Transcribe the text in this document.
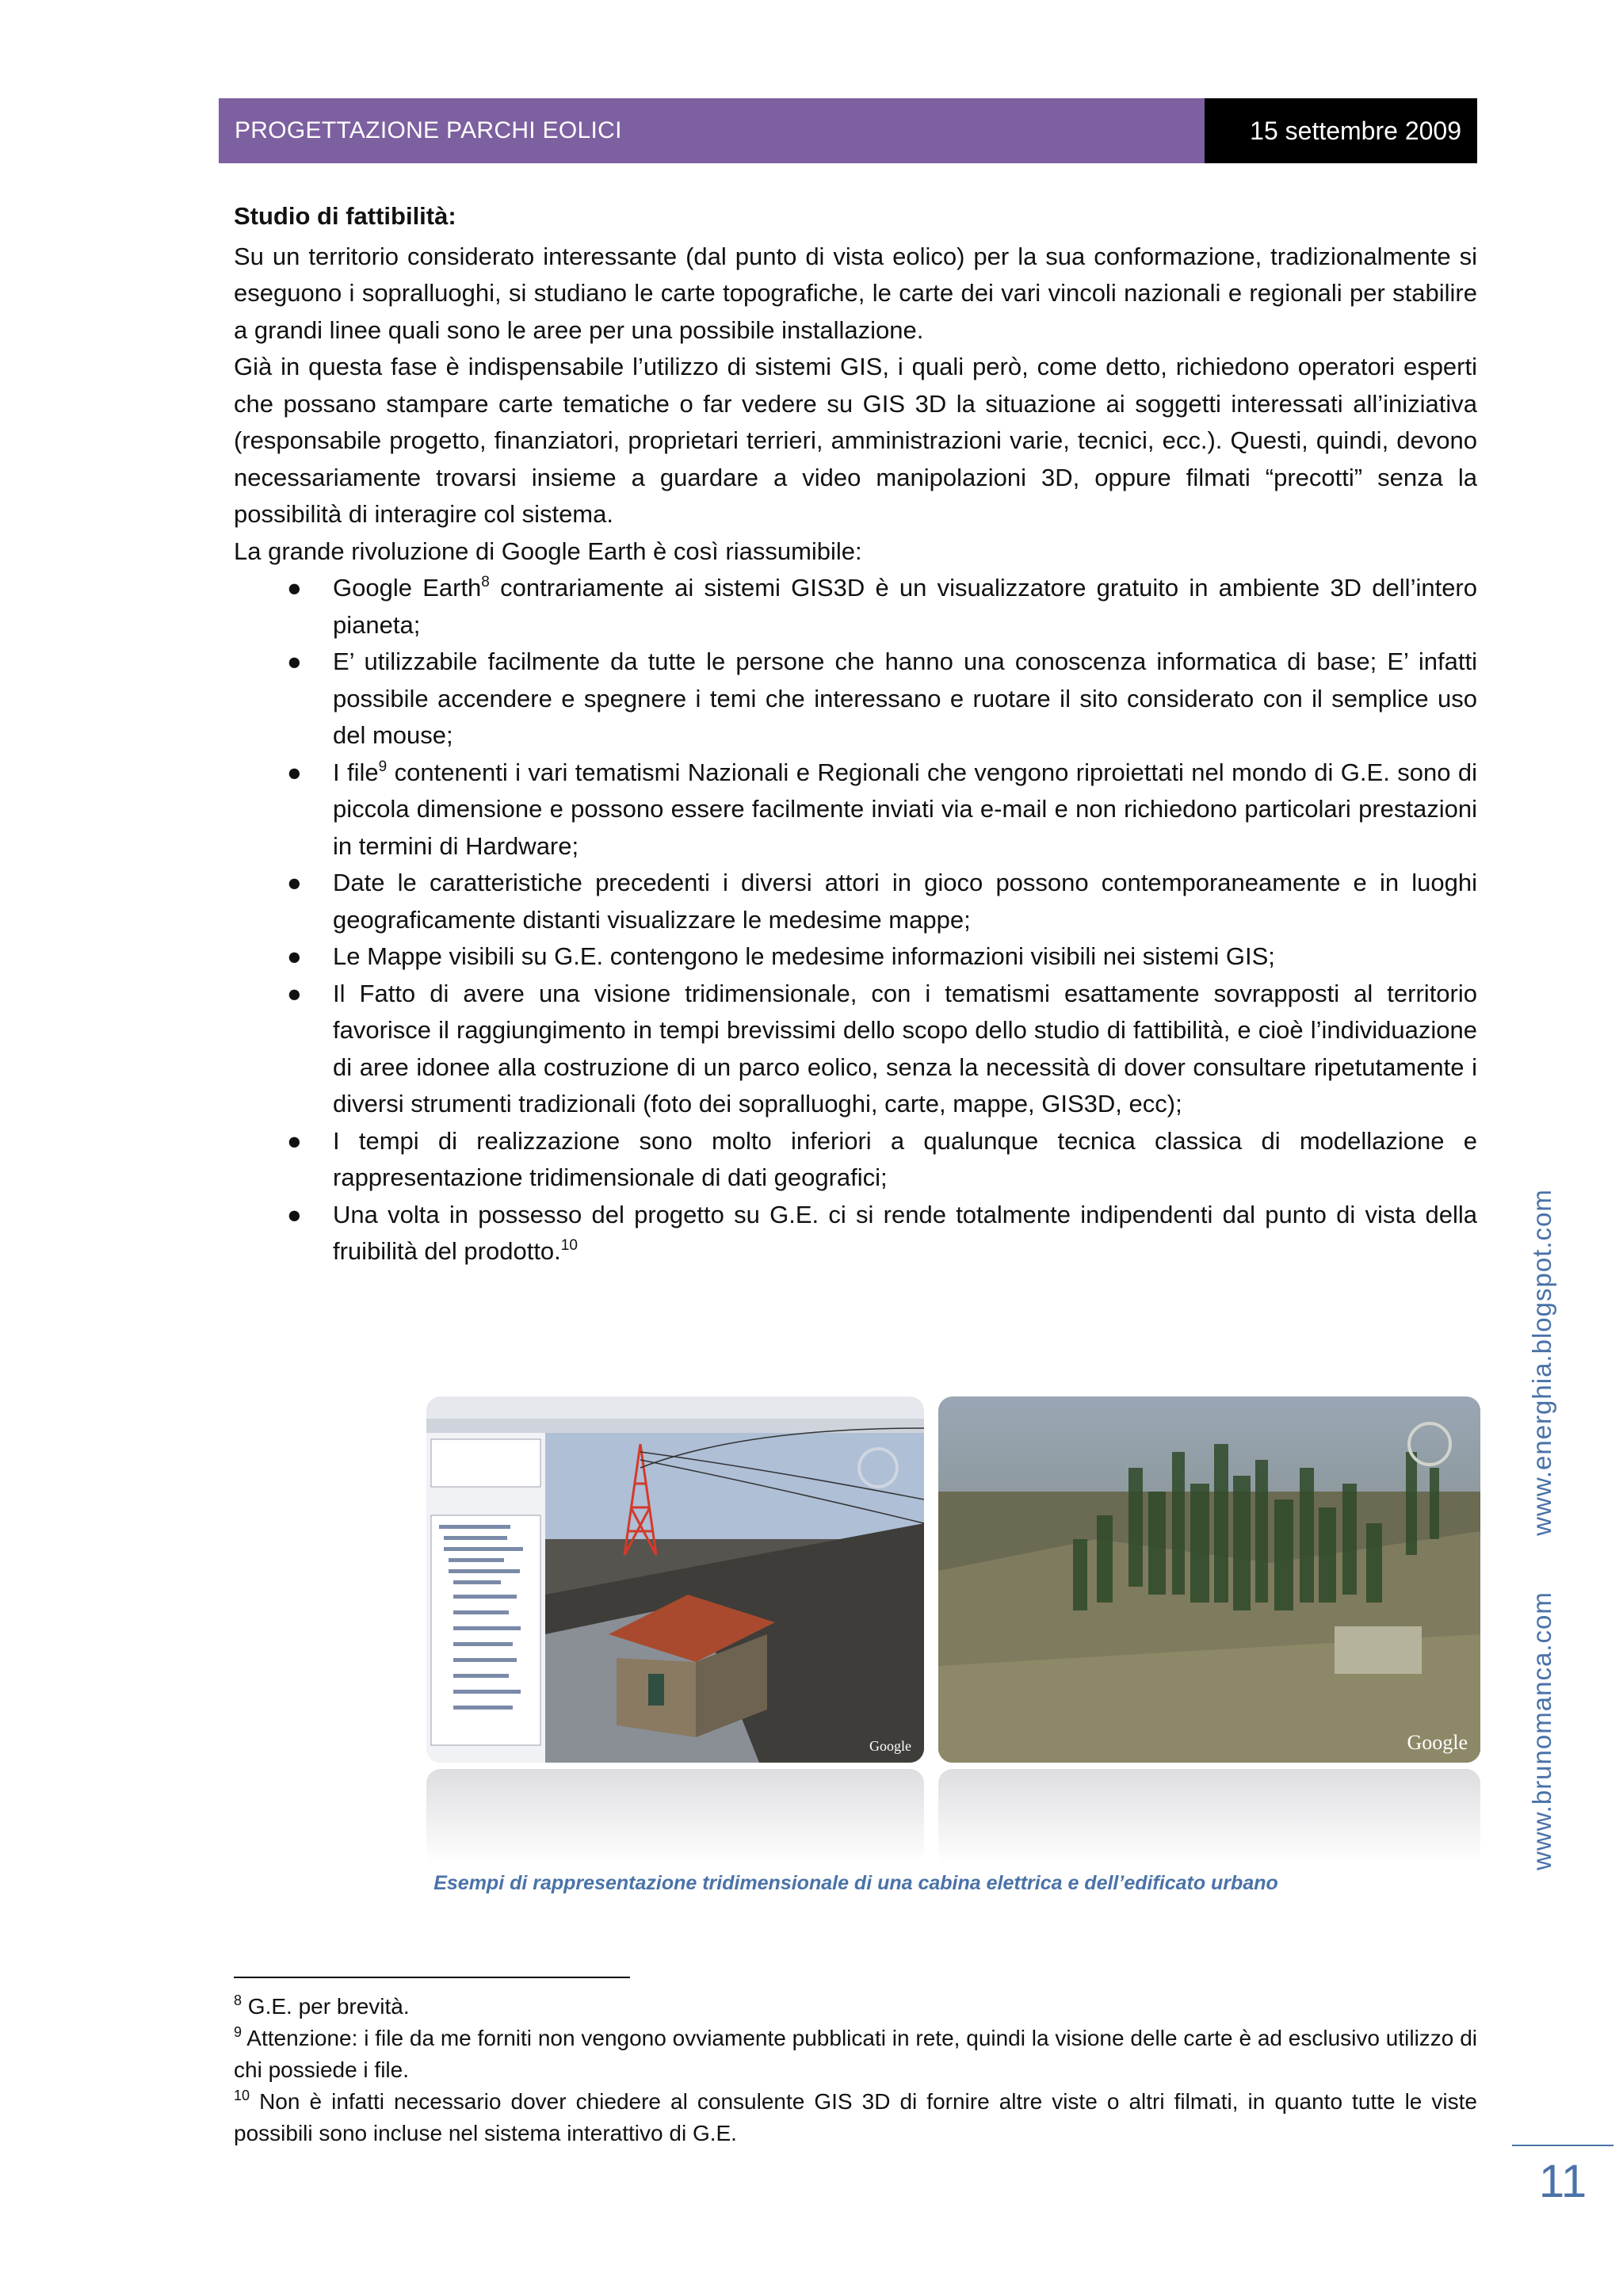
PROGETTAZIONE PARCHI EOLICI	15 settembre 2009
Studio di fattibilità:

Su un territorio considerato interessante (dal punto di vista eolico) per la sua conformazione, tradizionalmente si eseguono i sopralluoghi, si studiano le carte topografiche, le carte dei vari vincoli nazionali e regionali per stabilire a grandi linee quali sono le aree per una possibile installazione.

Già in questa fase è indispensabile l’utilizzo di sistemi GIS, i quali però, come detto, richiedono operatori esperti che possano stampare carte tematiche o far vedere su GIS 3D la situazione ai soggetti interessati all’iniziativa (responsabile progetto, finanziatori, proprietari terrieri, amministrazioni varie, tecnici, ecc.). Questi, quindi, devono necessariamente trovarsi insieme a guardare a video manipolazioni 3D, oppure filmati “precotti” senza la possibilità di interagire col sistema.

La grande rivoluzione di Google Earth è così riassumibile:

● Google Earth$^8$ contrariamente ai sistemi GIS3D è un visualizzatore gratuito in ambiente 3D dell’intero pianeta;
● E’ utilizzabile facilmente da tutte le persone che hanno una conoscenza informatica di base; E’ infatti possibile accendere e spegnere i temi che interessano e ruotare il sito considerato con il semplice uso del mouse;
● I file$^9$ contenenti i vari tematismi Nazionali e Regionali che vengono riproiettati nel mondo di G.E. sono di piccola dimensione e possono essere facilmente inviati via e-mail e non richiedono particolari prestazioni in termini di Hardware;
● Date le caratteristiche precedenti i diversi attori in gioco possono contemporaneamente e in luoghi geograficamente distanti visualizzare le medesime mappe;
● Le Mappe visibili su G.E. contengono le medesime informazioni visibili nei sistemi GIS;
● Il Fatto di avere una visione tridimensionale, con i tematismi esattamente sovrapposti al territorio favorisce il raggiungimento in tempi brevissimi dello scopo dello studio di fattibilità, e cioè l’individuazione di aree idonee alla costruzione di un parco eolico, senza la necessità di dover consultare ripetutamente i diversi strumenti tradizionali (foto dei sopralluoghi, carte, mappe, GIS3D, ecc);
● I tempi di realizzazione sono molto inferiori a qualunque tecnica classica di modellazione e rappresentazione tridimensionale di dati geografici;
● Una volta in possesso del progetto su G.E. ci si rende totalmente indipendenti dal punto di vista della fruibilità del prodotto.$^{10}$
Google	Google
Esempi di rappresentazione tridimensionale di una cabina elettrica e dell’edificato urbano
www.brunomanca.com  www.energhia.blogspot.com

$^8$ G.E. per brevità.

$^9$ Attenzione: i file da me forniti non vengono ovviamente pubblicati in rete, quindi la visione delle carte è ad esclusivo utilizzo di chi possiede i file.

$^{10}$ Non è infatti necessario dover chiedere al consulente GIS 3D di fornire altre viste o altri filmati, in quanto tutte le viste possibili sono incluse nel sistema interattivo di G.E.

11
